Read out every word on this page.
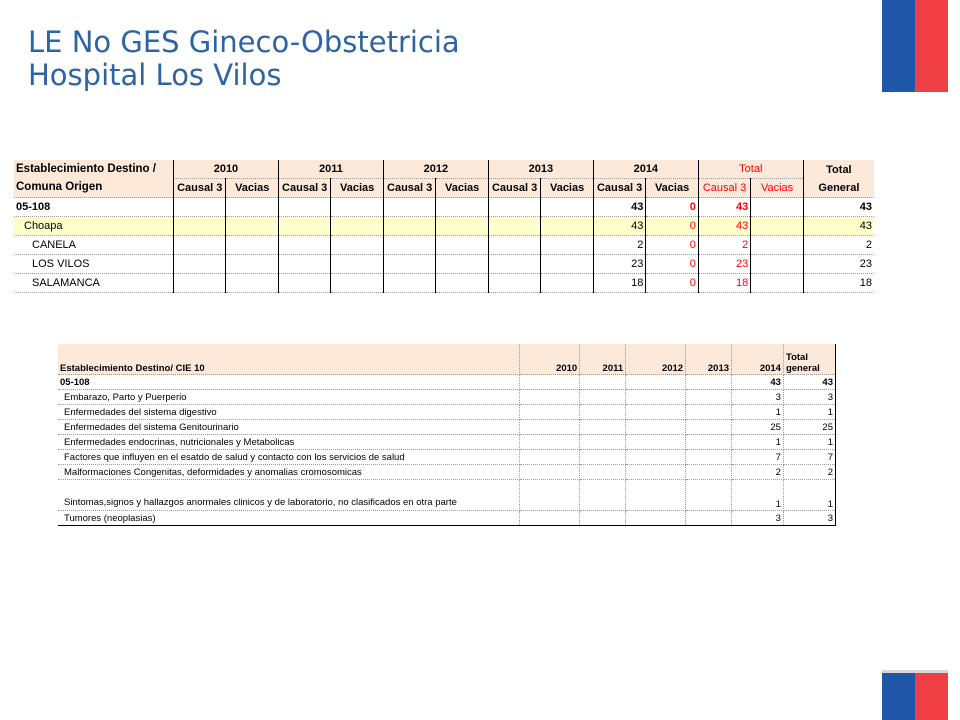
LE No GES Gineco-Obstetricia
Hospital Los Vilos
Establecimiento Destino / Comuna Origen	2010		2011		2012		2013		2014		Total		Total General
	Causal 3	Vacias	Causal 3	Vacias	Causal 3	Vacias	Causal 3	Vacias	Causal 3	Vacias	Causal 3	Vacias	
05-108									43	0	43		43
Choapa									43	0	43		43
CANELA									2	0	2		2
LOS VILOS									23	0	23		23
SALAMANCA									18	0	18		18
Establecimiento Destino/ CIE 10	2010	2011	2012	2013	2014	Total general
05-108					43	43
Embarazo, Parto y Puerperio					3	3
Enfermedades del sistema digestivo					1	1
Enfermedades del sistema Genitourinario					25	25
Enfermedades endocrinas, nutricionales y Metabolicas					1	1
Factores que influyen en el esatdo de salud y contacto con los servicios de salud					7	7
Malformaciones Congenitas, deformidades y anomalias cromosomicas					2	2
Sintomas,signos y hallazgos anormales clinicos y de laboratorio, no clasificados en otra parte					1	1
Tumores (neoplasias)					3	3
